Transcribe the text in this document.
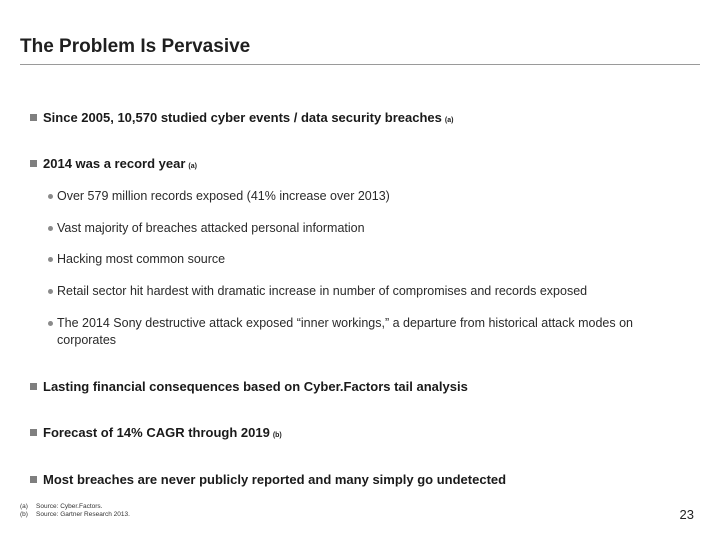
The Problem Is Pervasive
Since 2005, 10,570 studied cyber events / data security breaches (a)
2014 was a record year (a)
Over 579 million records exposed (41% increase over 2013)
Vast majority of breaches attacked personal information
Hacking most common source
Retail sector hit hardest with dramatic increase in number of compromises and records exposed
The 2014 Sony destructive attack exposed “inner workings,” a departure from historical attack modes on corporates
Lasting financial consequences based on Cyber.Factors tail analysis
Forecast of 14% CAGR through 2019 (b)
Most breaches are never publicly reported and many simply go undetected
(a)	Source: Cyber.Factors.
(b)	Source: Gartner Research 2013.	23
